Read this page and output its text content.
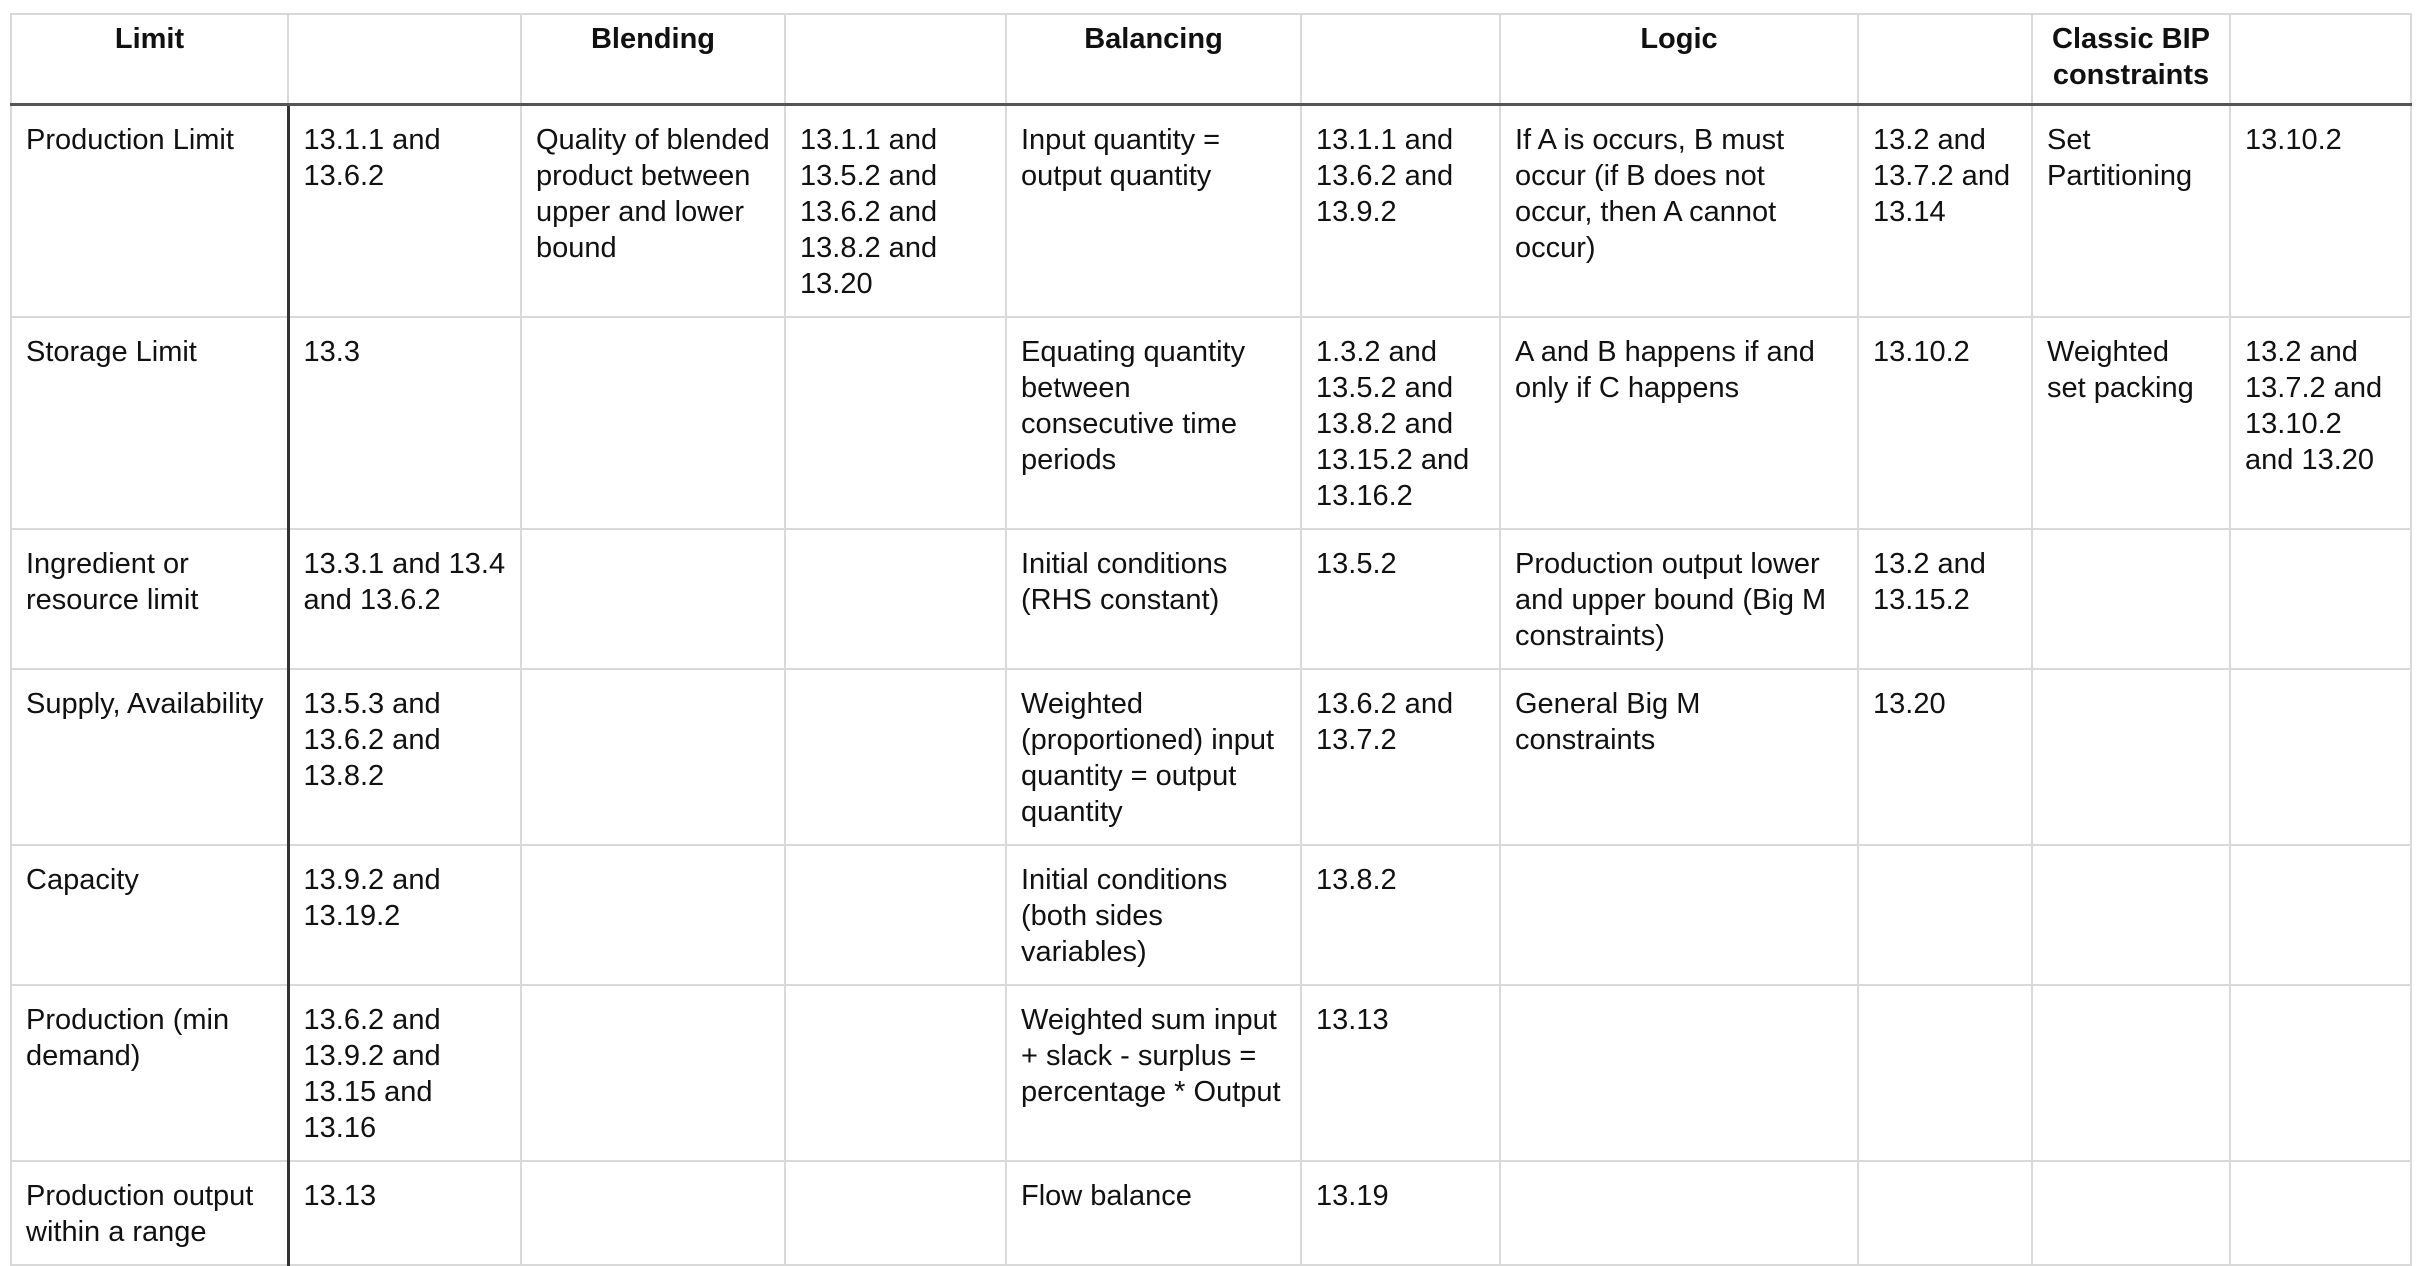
Limit		Blending		Balancing		Logic		Classic BIP constraints	
Production Limit	13.1.1 and 13.6.2	Quality of blended product between upper and lower bound	13.1.1 and 13.5.2 and 13.6.2 and 13.8.2 and 13.20	Input quantity = output quantity	13.1.1 and 13.6.2 and 13.9.2	If A is occurs, B must occur (if B does not occur, then A cannot occur)	13.2 and 13.7.2 and 13.14	Set Partitioning	13.10.2
Storage Limit	13.3			Equating quantity between consecutive time periods	1.3.2 and 13.5.2 and 13.8.2 and 13.15.2 and 13.16.2	A and B happens if and only if C happens	13.10.2	Weighted set packing	13.2 and 13.7.2 and 13.10.2 and 13.20
Ingredient or resource limit	13.3.1 and 13.4 and 13.6.2			Initial conditions (RHS constant)	13.5.2	Production output lower and upper bound (Big M constraints)	13.2 and 13.15.2		
Supply, Availability	13.5.3 and 13.6.2 and 13.8.2			Weighted (proportioned) input quantity = output quantity	13.6.2 and 13.7.2	General Big M constraints	13.20		
Capacity	13.9.2 and 13.19.2			Initial conditions (both sides variables)	13.8.2				
Production (min demand)	13.6.2 and 13.9.2 and 13.15 and 13.16			Weighted sum input + slack - surplus = percentage * Output	13.13				
Production output within a range	13.13			Flow balance	13.19				
